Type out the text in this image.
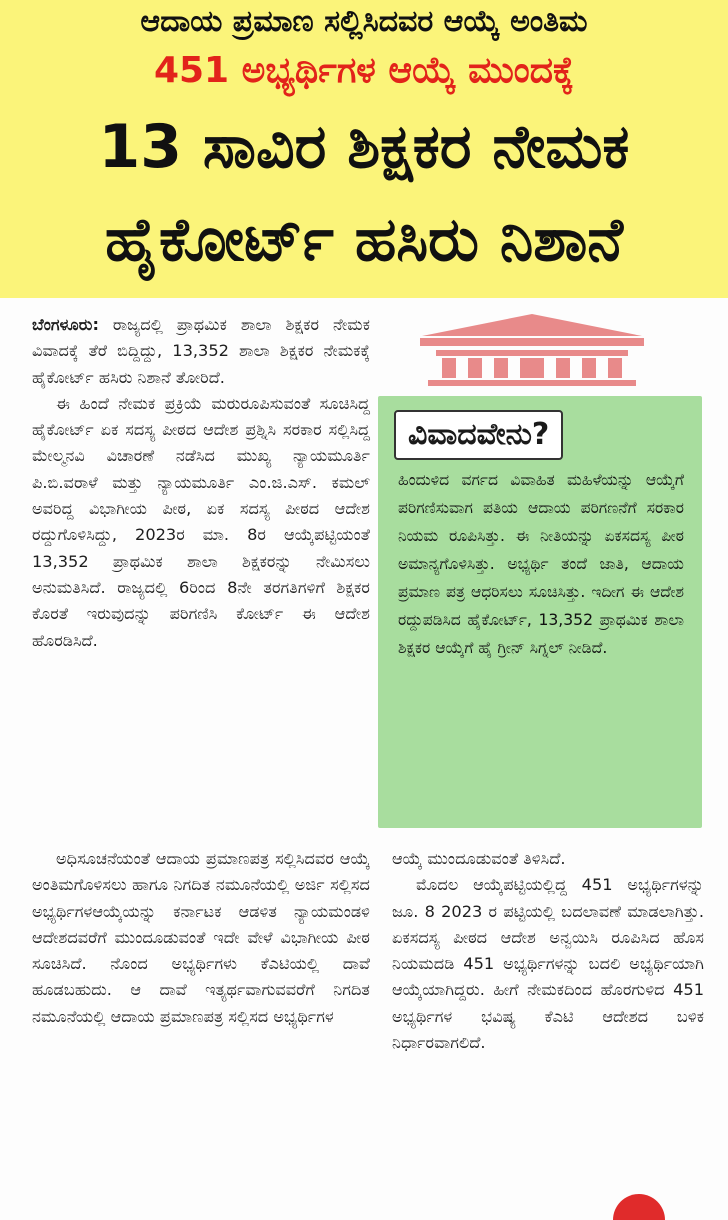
ಆದಾಯ ಪ್ರಮಾಣ ಸಲ್ಲಿಸಿದವರ ಆಯ್ಕೆ ಅಂತಿಮ
451 ಅಭ್ಯರ್ಥಿಗಳ ಆಯ್ಕೆ ಮುಂದಕ್ಕೆ
13 ಸಾವಿರ ಶಿಕ್ಷಕರ ನೇಮಕ
ಹೈಕೋರ್ಟ್ ಹಸಿರು ನಿಶಾನೆ

ಬೆಂಗಳೂರು: ರಾಜ್ಯದಲ್ಲಿ ಪ್ರಾಥಮಿಕ ಶಾಲಾ ಶಿಕ್ಷಕರ ನೇಮಕ ವಿವಾದಕ್ಕೆ ತೆರೆ ಬಿದ್ದಿದ್ದು, 13,352 ಶಾಲಾ ಶಿಕ್ಷಕರ ನೇಮಕಕ್ಕೆ ಹೈಕೋರ್ಟ್ ಹಸಿರು ನಿಶಾನೆ ತೋರಿದೆ.

ಈ ಹಿಂದೆ ನೇಮಕ ಪ್ರಕ್ರಿಯೆ ಮರುರೂಪಿಸುವಂತೆ ಸೂಚಿಸಿದ್ದ ಹೈಕೋರ್ಟ್ ಏಕ ಸದಸ್ಯ ಪೀಠದ ಆದೇಶ ಪ್ರಶ್ನಿಸಿ ಸರಕಾರ ಸಲ್ಲಿಸಿದ್ದ ಮೇಲ್ಮನವಿ ವಿಚಾರಣೆ ನಡೆಸಿದ ಮುಖ್ಯ ನ್ಯಾಯಮೂರ್ತಿ ಪಿ.ಬಿ.ವರಾಳೆ ಮತ್ತು ನ್ಯಾಯಮೂರ್ತಿ ಎಂ.ಜಿ.ಎಸ್. ಕಮಲ್ ಅವರಿದ್ದ ವಿಭಾಗೀಯ ಪೀಠ, ಏಕ ಸದಸ್ಯ ಪೀಠದ ಆದೇಶ ರದ್ದುಗೊಳಿಸಿದ್ದು, 2023ರ ಮಾ. 8ರ ಆಯ್ಕೆಪಟ್ಟಿಯಂತೆ 13,352 ಪ್ರಾಥಮಿಕ ಶಾಲಾ ಶಿಕ್ಷಕರನ್ನು ನೇಮಿಸಲು ಅನುಮತಿಸಿದೆ. ರಾಜ್ಯದಲ್ಲಿ 6ರಿಂದ 8ನೇ ತರಗತಿಗಳಿಗೆ ಶಿಕ್ಷಕರ ಕೊರತೆ ಇರುವುದನ್ನು ಪರಿಗಣಿಸಿ ಕೋರ್ಟ್ ಈ ಆದೇಶ ಹೊರಡಿಸಿದೆ.

ವಿವಾದವೇನು?

ಹಿಂದುಳಿದ ವರ್ಗದ ವಿವಾಹಿತ ಮಹಿಳೆಯನ್ನು ಆಯ್ಕೆಗೆ ಪರಿಗಣಿಸುವಾಗ ಪತಿಯ ಆದಾಯ ಪರಿಗಣನೆಗೆ ಸರಕಾರ ನಿಯಮ ರೂಪಿಸಿತ್ತು. ಈ ನೀತಿಯನ್ನು ಏಕಸದಸ್ಯ ಪೀಠ ಅಮಾನ್ಯಗೊಳಿಸಿತ್ತು. ಅಭ್ಯರ್ಥಿ ತಂದೆ ಜಾತಿ, ಆದಾಯ ಪ್ರಮಾಣ ಪತ್ರ ಆಧರಿಸಲು ಸೂಚಿಸಿತ್ತು. ಇದೀಗ ಈ ಆದೇಶ ರದ್ದುಪಡಿಸಿದ ಹೈಕೋರ್ಟ್, 13,352 ಪ್ರಾಥಮಿಕ ಶಾಲಾ ಶಿಕ್ಷಕರ ಆಯ್ಕೆಗೆ ಹೈ ಗ್ರೀನ್ ಸಿಗ್ನಲ್ ನೀಡಿದೆ.

ಅಧಿಸೂಚನೆಯಂತೆ ಆದಾಯ ಪ್ರಮಾಣಪತ್ರ ಸಲ್ಲಿಸಿದವರ ಆಯ್ಕೆ ಅಂತಿಮಗೊಳಿಸಲು ಹಾಗೂ ನಿಗದಿತ ನಮೂನೆಯಲ್ಲಿ ಅರ್ಜಿ ಸಲ್ಲಿಸದ ಅಭ್ಯರ್ಥಿಗಳಆಯ್ಕೆಯನ್ನು ಕರ್ನಾಟಕ ಆಡಳಿತ ನ್ಯಾಯಮಂಡಳಿ ಆದೇಶದವರೆಗೆ ಮುಂದೂಡುವಂತೆ ಇದೇ ವೇಳೆ ವಿಭಾಗೀಯ ಪೀಠ ಸೂಚಿಸಿದೆ. ನೊಂದ ಅಭ್ಯರ್ಥಿಗಳು ಕೆಎಟಿಯಲ್ಲಿ ದಾವೆ ಹೂಡಬಹುದು. ಆ ದಾವೆ ಇತ್ಯರ್ಥವಾಗುವವರೆಗೆ ನಿಗದಿತ ನಮೂನೆಯಲ್ಲಿ ಆದಾಯ ಪ್ರಮಾಣಪತ್ರ ಸಲ್ಲಿಸದ ಅಭ್ಯರ್ಥಿಗಳ

ಆಯ್ಕೆ ಮುಂದೂಡುವಂತೆ ತಿಳಿಸಿದೆ.

ಮೊದಲ ಆಯ್ಕೆಪಟ್ಟಿಯಲ್ಲಿದ್ದ 451 ಅಭ್ಯರ್ಥಿಗಳನ್ನು ಜೂ. 8 2023 ರ ಪಟ್ಟಿಯಲ್ಲಿ ಬದಲಾವಣೆ ಮಾಡಲಾಗಿತ್ತು. ಏಕಸದಸ್ಯ ಪೀಠದ ಆದೇಶ ಅನ್ವಯಿಸಿ ರೂಪಿಸಿದ ಹೊಸ ನಿಯಮದಡಿ 451 ಅಭ್ಯರ್ಥಿಗಳನ್ನು ಬದಲಿ ಅಭ್ಯರ್ಥಿಯಾಗಿ ಆಯ್ಕೆಯಾಗಿದ್ದರು. ಹೀಗೆ ನೇಮಕದಿಂದ ಹೊರಗುಳಿದ 451 ಅಭ್ಯರ್ಥಿಗಳ ಭವಿಷ್ಯ ಕೆಎಟಿ ಆದೇಶದ ಬಳಿಕ ನಿರ್ಧಾರವಾಗಲಿದೆ.
